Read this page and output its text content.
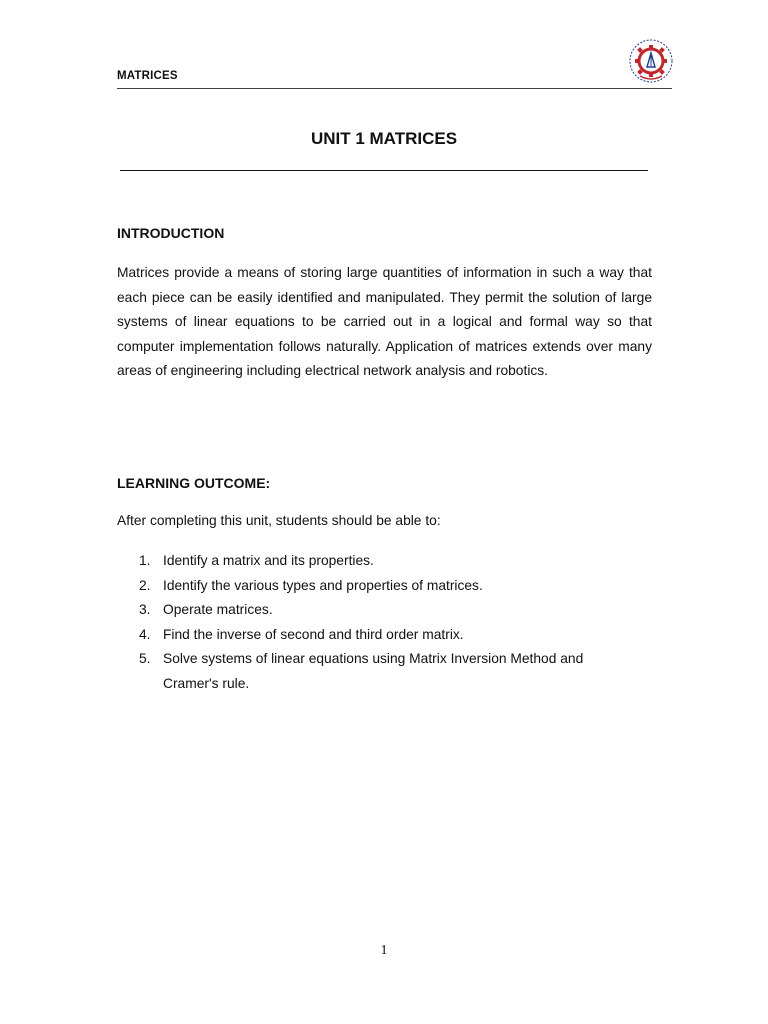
MATRICES
UNIT 1 MATRICES
INTRODUCTION
Matrices provide a means of storing large quantities of information in such a way that each piece can be easily identified and manipulated. They permit the solution of large systems of linear equations to be carried out in a logical and formal way so that computer implementation follows naturally. Application of matrices extends over many areas of engineering including electrical network analysis and robotics.
LEARNING OUTCOME:
After completing this unit, students should be able to:
1. Identify a matrix and its properties.
2. Identify the various types and properties of matrices.
3. Operate matrices.
4. Find the inverse of second and third order matrix.
5. Solve systems of linear equations using Matrix Inversion Method and
Cramer's rule.
1
